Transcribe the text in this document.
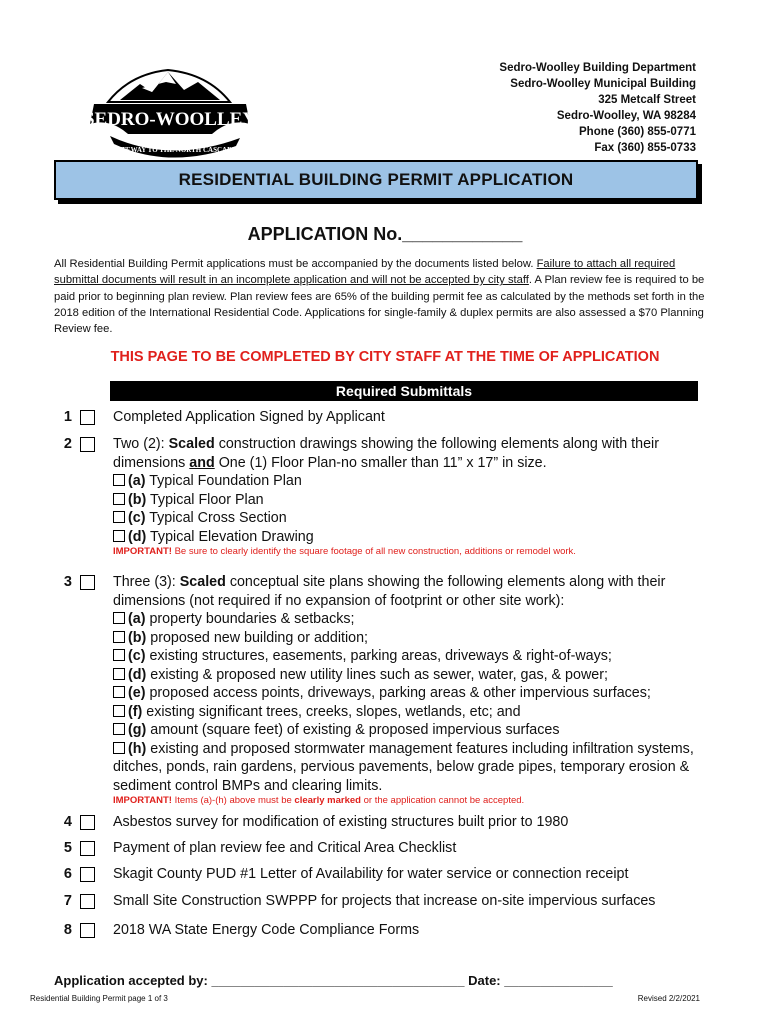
CITY OF
SEDRO-WOOLLEY
GATEWAY TO THE NORTH CASCADES
Sedro-Woolley Building Department
Sedro-Woolley Municipal Building
325 Metcalf Street
Sedro-Woolley, WA 98284
Phone (360) 855-0771
Fax (360) 855-0733
RESIDENTIAL BUILDING PERMIT APPLICATION
APPLICATION No.____________
All Residential Building Permit applications must be accompanied by the documents listed below. Failure to attach all required submittal documents will result in an incomplete application and will not be accepted by city staff. A Plan review fee is required to be paid prior to beginning plan review. Plan review fees are 65% of the building permit fee as calculated by the methods set forth in the 2018 edition of the International Residential Code. Applications for single-family & duplex permits are also assessed a $70 Planning Review fee.
THIS PAGE TO BE COMPLETED BY CITY STAFF AT THE TIME OF APPLICATION
Required Submittals
1	Completed Application Signed by Applicant
2	Two (2): Scaled construction drawings showing the following elements along with their dimensions and One (1) Floor Plan-no smaller than 11” x 17” in size.
(a) Typical Foundation Plan
(b) Typical Floor Plan
(c) Typical Cross Section
(d) Typical Elevation Drawing
IMPORTANT! Be sure to clearly identify the square footage of all new construction, additions or remodel work.
3	Three (3): Scaled conceptual site plans showing the following elements along with their dimensions (not required if no expansion of footprint or other site work):
(a) property boundaries & setbacks;
(b) proposed new building or addition;
(c) existing structures, easements, parking areas, driveways & right-of-ways;
(d) existing & proposed new utility lines such as sewer, water, gas, & power;
(e) proposed access points, driveways, parking areas & other impervious surfaces;
(f) existing significant trees, creeks, slopes, wetlands, etc; and
(g) amount (square feet) of existing & proposed impervious surfaces
(h) existing and proposed stormwater management features including infiltration systems, ditches, ponds, rain gardens, pervious pavements, below grade pipes, temporary erosion & sediment control BMPs and clearing limits.
IMPORTANT! Items (a)-(h) above must be clearly marked or the application cannot be accepted.
4	Asbestos survey for modification of existing structures built prior to 1980
5	Payment of plan review fee and Critical Area Checklist
6	Skagit County PUD #1 Letter of Availability for water service or connection receipt
7	Small Site Construction SWPPP for projects that increase on-site impervious surfaces
8	2018 WA State Energy Code Compliance Forms
Application accepted by: ___________________________________ Date: _______________
Residential Building Permit page 1 of 3	Revised 2/2/2021
